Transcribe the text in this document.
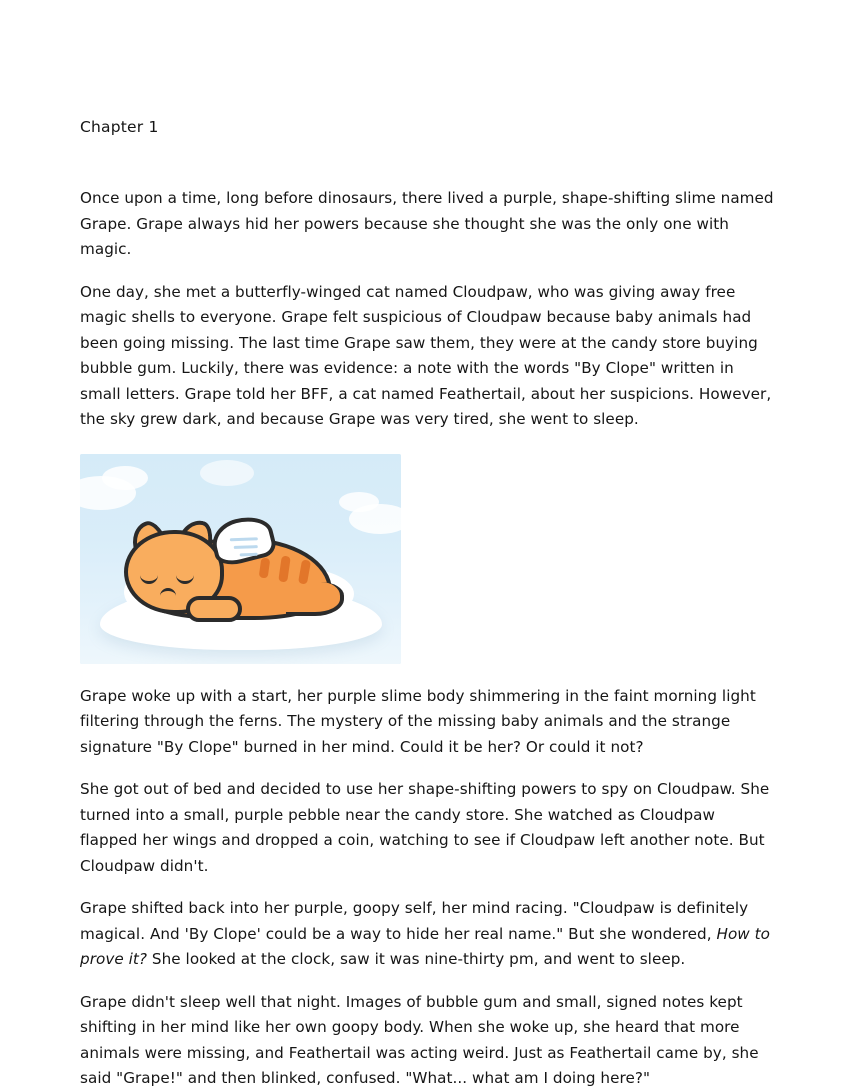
Chapter 1

Once upon a time, long before dinosaurs, there lived a purple, shape-shifting slime named Grape. Grape always hid her powers because she thought she was the only one with magic.

One day, she met a butterfly-winged cat named Cloudpaw, who was giving away free magic shells to everyone. Grape felt suspicious of Cloudpaw because baby animals had been going missing. The last time Grape saw them, they were at the candy store buying bubble gum. Luckily, there was evidence: a note with the words "By Clope" written in small letters. Grape told her BFF, a cat named Feathertail, about her suspicions. However, the sky grew dark, and because Grape was very tired, she went to sleep.

Grape woke up with a start, her purple slime body shimmering in the faint morning light filtering through the ferns. The mystery of the missing baby animals and the strange signature "By Clope" burned in her mind. Could it be her? Or could it not?

She got out of bed and decided to use her shape-shifting powers to spy on Cloudpaw. She turned into a small, purple pebble near the candy store. She watched as Cloudpaw flapped her wings and dropped a coin, watching to see if Cloudpaw left another note. But Cloudpaw didn't.

Grape shifted back into her purple, goopy self, her mind racing. "Cloudpaw is definitely magical. And 'By Clope' could be a way to hide her real name." But she wondered, How to prove it? She looked at the clock, saw it was nine-thirty pm, and went to sleep.

Grape didn't sleep well that night. Images of bubble gum and small, signed notes kept shifting in her mind like her own goopy body. When she woke up, she heard that more animals were missing, and Feathertail was acting weird. Just as Feathertail came by, she said "Grape!" and then blinked, confused. "What... what am I doing here?"
